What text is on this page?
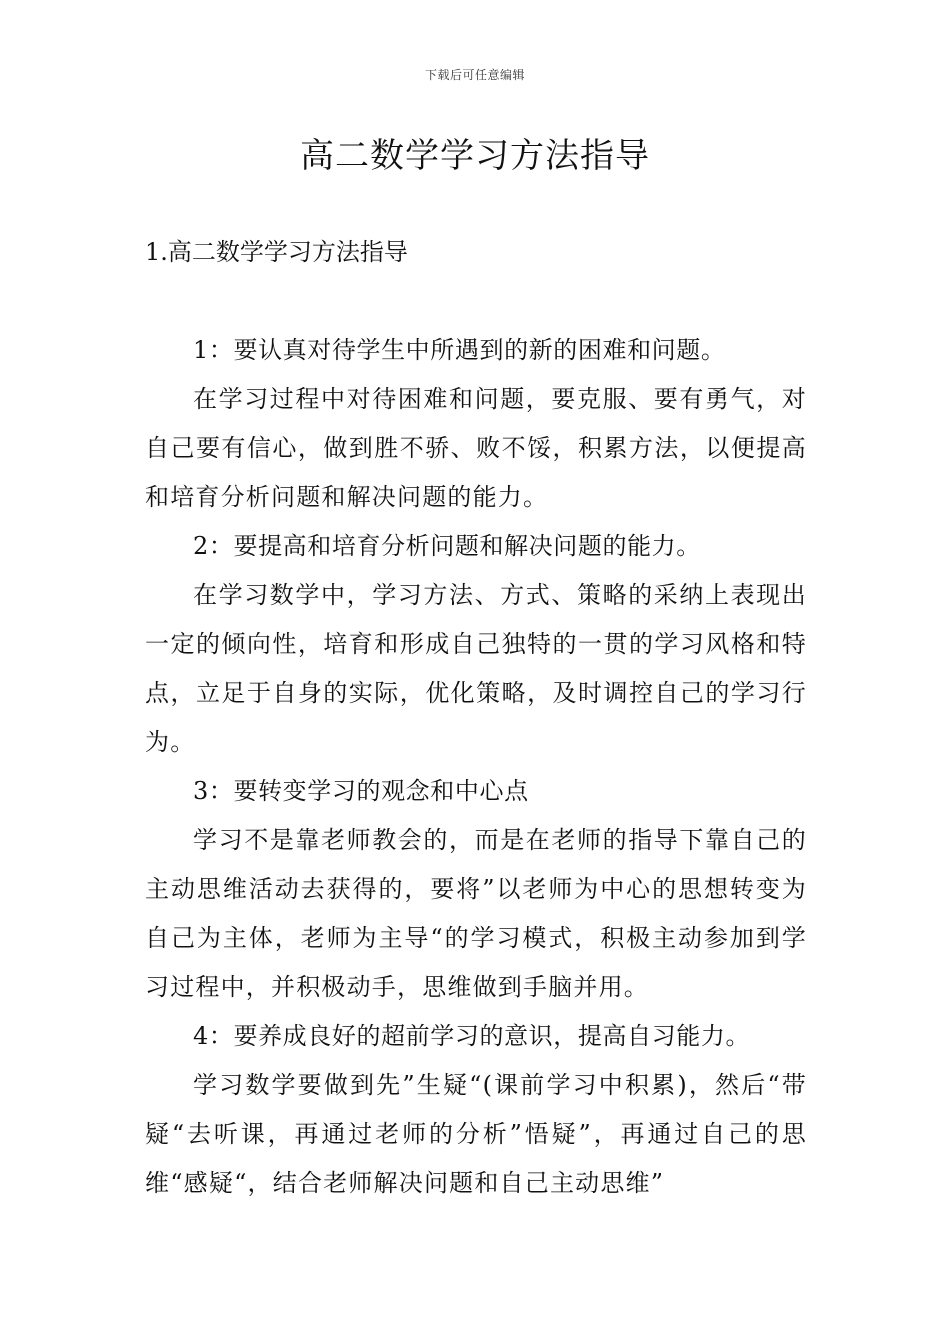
下载后可任意编辑
高二数学学习方法指导
1.高二数学学习方法指导

1：要认真对待学生中所遇到的新的困难和问题。

在学习过程中对待困难和问题，要克服、要有勇气，对自己要有信心，做到胜不骄、败不馁，积累方法，以便提高和培育分析问题和解决问题的能力。

2：要提高和培育分析问题和解决问题的能力。

在学习数学中，学习方法、方式、策略的采纳上表现出一定的倾向性，培育和形成自己独特的一贯的学习风格和特点，立足于自身的实际，优化策略，及时调控自己的学习行为。

3：要转变学习的观念和中心点

学习不是靠老师教会的，而是在老师的指导下靠自己的主动思维活动去获得的，要将”以老师为中心的思想转变为自己为主体，老师为主导“的学习模式，积极主动参加到学习过程中，并积极动手，思维做到手脑并用。

4：要养成良好的超前学习的意识，提高自习能力。

学习数学要做到先”生疑“(课前学习中积累)，然后“带疑“去听课，再通过老师的分析”悟疑”，再通过自己的思维“感疑“，结合老师解决问题和自己主动思维”
